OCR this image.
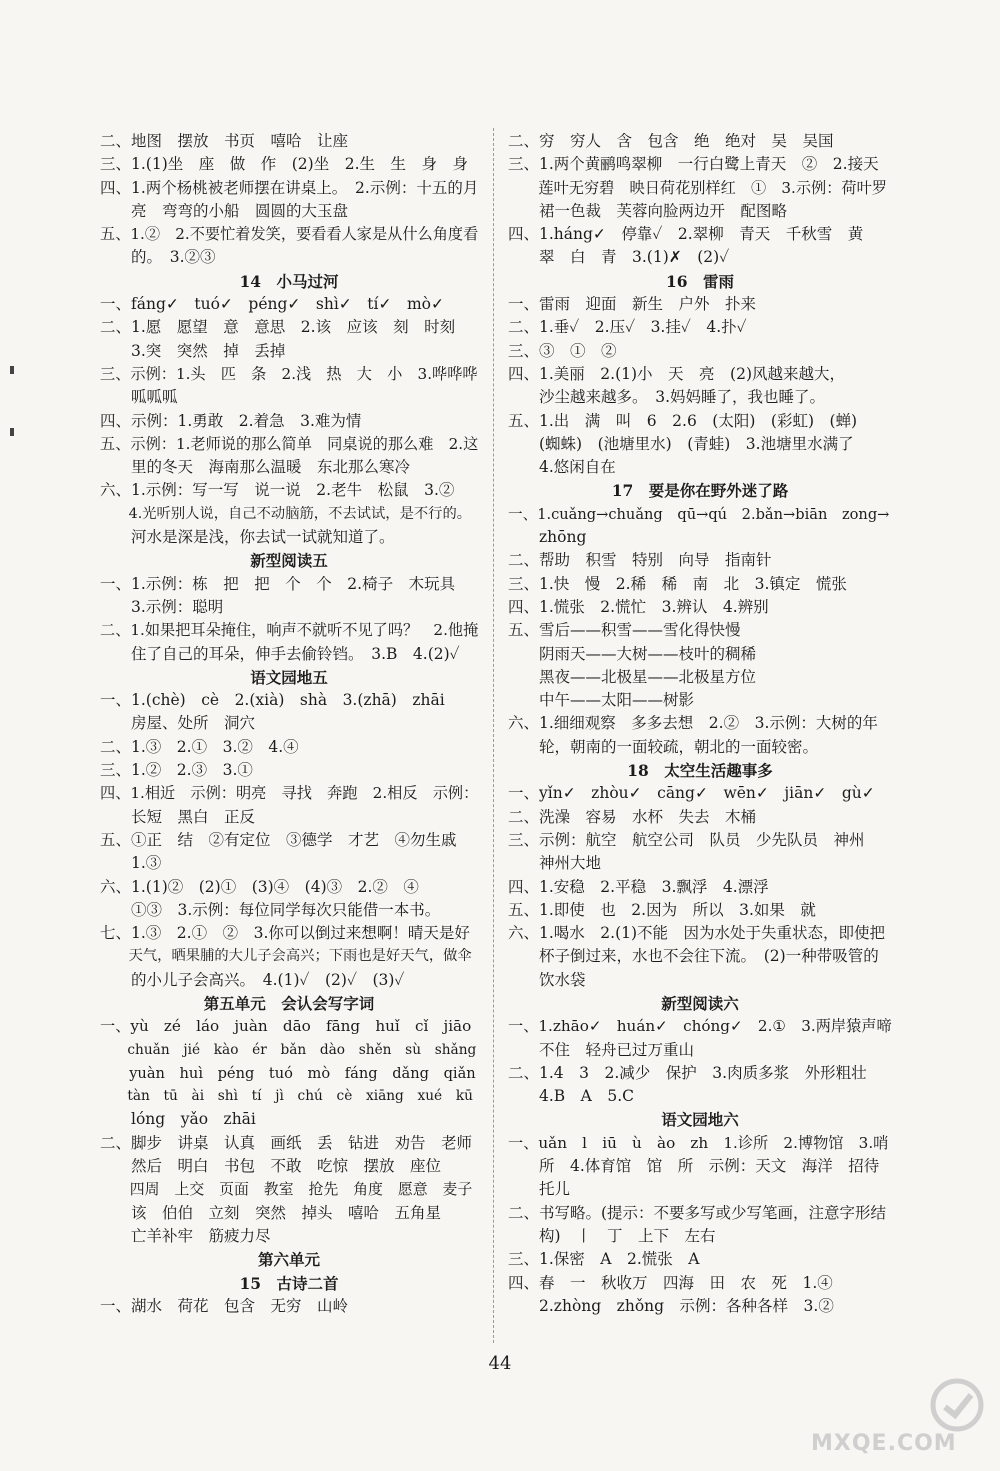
二、地图　摆放　书页　嘻哈　让座

三、1.(1)坐　座　做　作　(2)坐　2.生　生　身　身

四、1.两个杨桃被老师摆在讲桌上。　2.示例：十五的月

　　亮　弯弯的小船　圆圆的大玉盘

五、1.②　2.不要忙着发笑，要看看人家是从什么角度看

　　的。　3.②③

14　小马过河

一、fáng✓　tuó✓　péng✓　shì✓　tí✓　mò✓

二、1.愿　愿望　意　意思　2.该　应该　刻　时刻

　　3.突　突然　掉　丢掉

三、示例：1.头　匹　条　2.浅　热　大　小　3.哗哗哗

　　呱呱呱

四、示例：1.勇敢　2.着急　3.难为情

五、示例：1.老师说的那么简单　同桌说的那么难　2.这

　　里的冬天　海南那么温暖　东北那么寒冷

六、1.示例：写一写　说一说　2.老牛　松鼠　3.②

　　4.光听别人说，自己不动脑筋，不去试试，是不行的。

　　河水是深是浅，你去试一试就知道了。

新型阅读五

一、1.示例：栋　把　把　个　个　2.椅子　木玩具

　　3.示例：聪明

二、1.如果把耳朵掩住，响声不就听不见了吗？　2.他掩

　　住了自己的耳朵，伸手去偷铃铛。　3.B　4.(2)✓

语文园地五

一、1.(chè)　cè　2.(xià)　shà　3.(zhā)　zhāi

　　房屋、处所　洞穴

二、1.③　2.①　3.②　4.④

三、1.②　2.③　3.①

四、1.相近　示例：明亮　寻找　奔跑　2.相反　示例：

　　长短　黑白　正反

五、①正　结　②有定位　③德学　才艺　④勿生戚

　　1.③

六、1.(1)②　(2)①　(3)④　(4)③　2.②　④

　　①③　3.示例：每位同学每次只能借一本书。

七、1.③　2.①　②　3.你可以倒过来想啊！晴天是好

　　天气，晒果脯的大儿子会高兴；下雨也是好天气，做伞

　　的小儿子会高兴。　4.(1)✓　(2)✓　(3)✓

第五单元　会认会写字词

一、yù　zé　láo　juàn　dāo　fāng　huǐ　cǐ　jiāo

　　chuǎn　jié　kào　ér　bǎn　dào　shěn　sù　shǎng

　　yuàn　huì　péng　tuó　mò　fáng　dǎng　qiǎn

　　tàn　tū　ài　shì　tí　jì　chú　cè　xiāng　xué　kū

　　lóng　yǎo　zhāi

二、脚步　讲桌　认真　画纸　丢　钻进　劝告　老师

　　然后　明白　书包　不敢　吃惊　摆放　座位

　　四周　上交　页面　教室　抢先　角度　愿意　麦子

　　该　伯伯　立刻　突然　掉头　嘻哈　五角星

　　亡羊补牢　筋疲力尽

第六单元

15　古诗二首

一、湖水　荷花　包含　无穷　山岭

二、穷　穷人　含　包含　绝　绝对　吴　吴国

三、1.两个黄鹂鸣翠柳　一行白鹭上青天　②　2.接天

　　莲叶无穷碧　映日荷花别样红　①　3.示例：荷叶罗

　　裙一色裁　芙蓉向脸两边开　配图略

四、1.háng✓　停靠✓　2.翠柳　青天　千秋雪　黄

　　翠　白　青　3.(1)✗　(2)✓

16　雷雨

一、雷雨　迎面　新生　户外　扑来

二、1.垂✓　2.压✓　3.挂✓　4.扑✓

三、③　①　②

四、1.美丽　2.(1)小　天　亮　(2)风越来越大，

　　沙尘越来越多。　3.妈妈睡了，我也睡了。

五、1.出　满　叫　6　2.6　(太阳)　(彩虹)　(蝉)

　　(蜘蛛)　(池塘里水)　(青蛙)　3.池塘里水满了

　　4.悠闲自在

17　要是你在野外迷了路

一、1.cuǎng→chuǎng　qū→qú　2.bǎn→biān　zong→

　　zhōng

二、帮助　积雪　特别　向导　指南针

三、1.快　慢　2.稀　稀　南　北　3.镇定　慌张

四、1.慌张　2.慌忙　3.辨认　4.辨别

五、雪后——积雪——雪化得快慢

　　阴雨天——大树——枝叶的稠稀

　　黑夜——北极星——北极星方位

　　中午——太阳——树影

六、1.细细观察　多多去想　2.②　3.示例：大树的年

　　轮，朝南的一面较疏，朝北的一面较密。

18　太空生活趣事多

一、yǐn✓　zhòu✓　cāng✓　wēn✓　jiān✓　gù✓

二、洗澡　容易　水杯　失去　木桶

三、示例：航空　航空公司　队员　少先队员　神州

　　神州大地

四、1.安稳　2.平稳　3.飘浮　4.漂浮

五、1.即使　也　2.因为　所以　3.如果　就

六、1.喝水　2.(1)不能　因为水处于失重状态，即使把

　　杯子倒过来，水也不会往下流。　(2)一种带吸管的

　　饮水袋

新型阅读六

一、1.zhāo✓　huán✓　chóng✓　2.①　3.两岸猿声啼

　　不住　轻舟已过万重山

二、1.4　3　2.减少　保护　3.肉质多浆　外形粗壮

　　4.B　A　5.C

语文园地六

一、uǎn　l　iū　ù　ào　zh　1.诊所　2.博物馆　3.哨

　　所　4.体育馆　馆　所　示例：天文　海洋　招待

　　托儿

二、书写略。(提示：不要多写或少写笔画，注意字形结

　　构)　丨　丁　上下　左右

三、1.保密　A　2.慌张　A

四、春　一　秋收万　四海　田　农　死　1.④

　　2.zhòng　zhǒng　示例：各种各样　3.②

44
MXQE.COM
